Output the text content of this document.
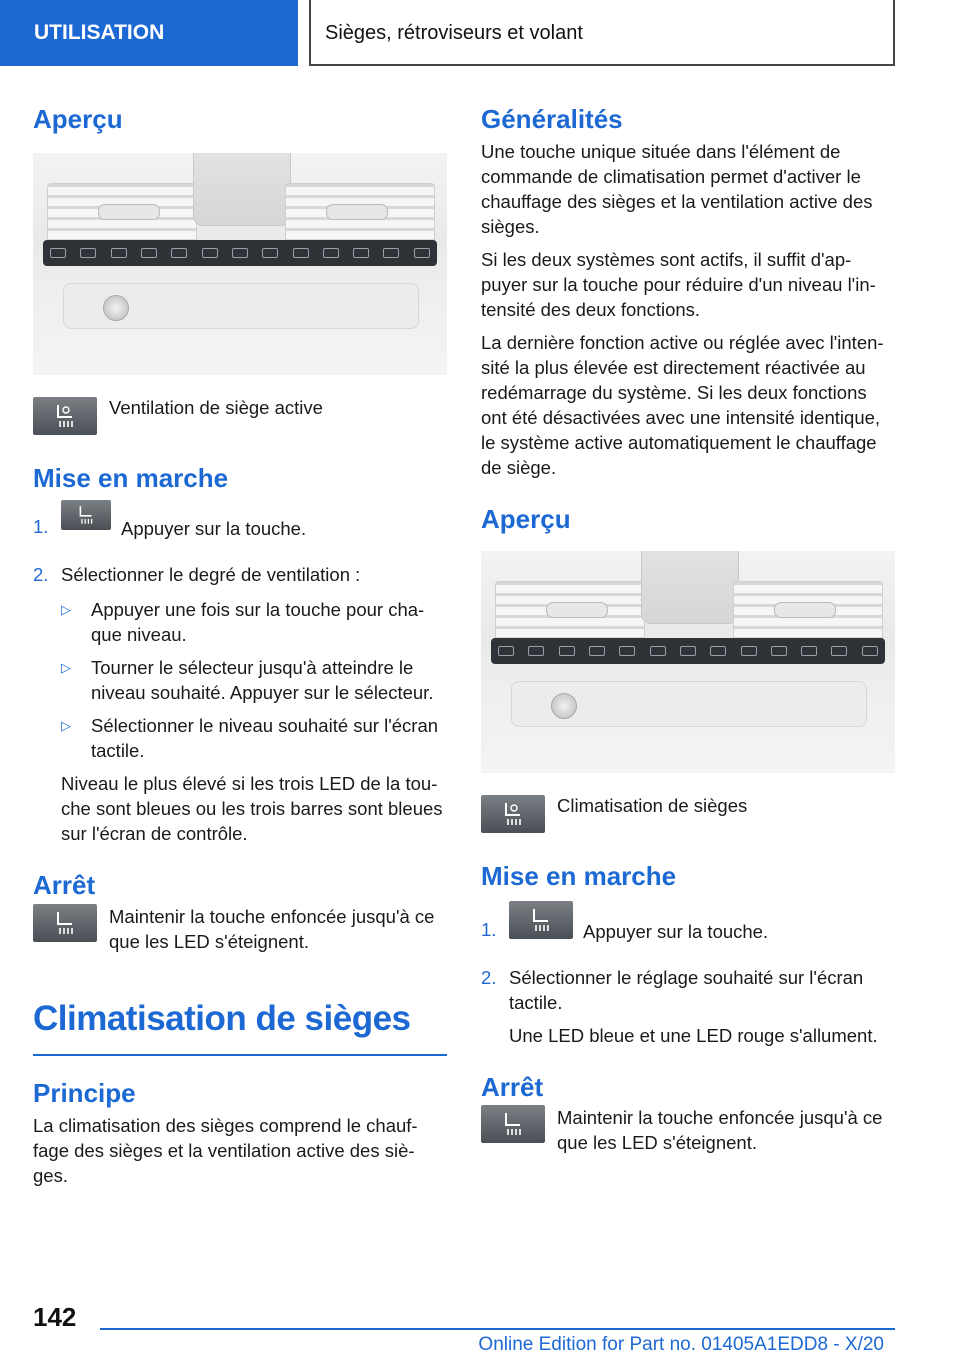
UTILISATION	Sièges, rétroviseurs et volant
Aperçu

Ventilation de siège active

Mise en marche
1.	Appuyer sur la touche.

2. Sélectionner le degré de ventilation :

▷	Appuyer une fois sur la touche pour cha-que niveau.

▷	Tourner le sélecteur jusqu'à atteindre le niveau souhaité. Appuyer sur le sélecteur.

▷	Sélectionner le niveau souhaité sur l'écran tactile.

Niveau le plus élevé si les trois LED de la tou-che sont bleues ou les trois barres sont bleues sur l'écran de contrôle.

Arrêt

Maintenir la touche enfoncée jusqu'à ce que les LED s'éteignent.

Climatisation de sièges
Principe

La climatisation des sièges comprend le chauf-fage des sièges et la ventilation active des siè-ges.

Généralités

Une touche unique située dans l'élément de commande de climatisation permet d'activer le chauffage des sièges et la ventilation active des sièges.

Si les deux systèmes sont actifs, il suffit d'ap-puyer sur la touche pour réduire d'un niveau l'in-tensité des deux fonctions.

La dernière fonction active ou réglée avec l'inten-sité la plus élevée est directement réactivée au redémarrage du système. Si les deux fonctions ont été désactivées avec une intensité identique, le système active automatiquement le chauffage de siège.

Aperçu

Climatisation de sièges

Mise en marche
1.	Appuyer sur la touche.

2. Sélectionner le réglage souhaité sur l'écran tactile.

Une LED bleue et une LED rouge s'allument.

Arrêt

Maintenir la touche enfoncée jusqu'à ce que les LED s'éteignent.

142
Online Edition for Part no. 01405A1EDD8 - X/20
